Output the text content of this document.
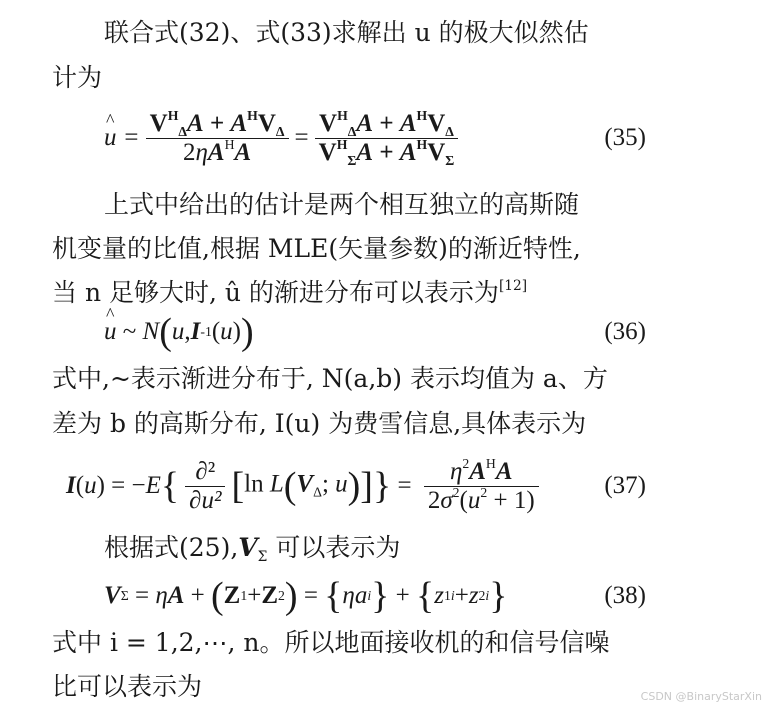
联合式(32)、式(33)求解出 u 的极大似然估
计为
^ $u = \frac{V^H_\Delta A + A^HV_\Delta}{2\eta A^HA} = \frac{V^H_\Delta A + A^HV_\Delta}{V^H_\Sigma A + A^HV_\Sigma}$	(35)
上式中给出的估计是两个相互独立的高斯随
机变量的比值,根据 MLE(矢量参数)的渐近特性,
当 n 足够大时, û 的渐进分布可以表示为[12]
^ u ~ N ( u , I -1 ( u ) )	(36)
式中,~表示渐进分布于, N(a,b) 表示均值为 a、方
差为 b 的高斯分布, I(u) 为费雪信息,具体表示为
I(u) = −E { $\frac{\text{∂²}}{\text{∂u²}}$ [ $\ln L(V_\Delta$; u) ] } = $\frac{\eta^2A^HA}{2\sigma^2(u^2 + 1)}$	(37)
根据式$(25),V_\Sigma$ 可以表示为
V Σ = η A + ( Z 1 + Z 2 ) = { ηa i } + { z 1i + z 2i }	(38)
式中 i = 1,2,⋯, n。所以地面接收机的和信号信噪
比可以表示为	CSDN @BinaryStarXin
